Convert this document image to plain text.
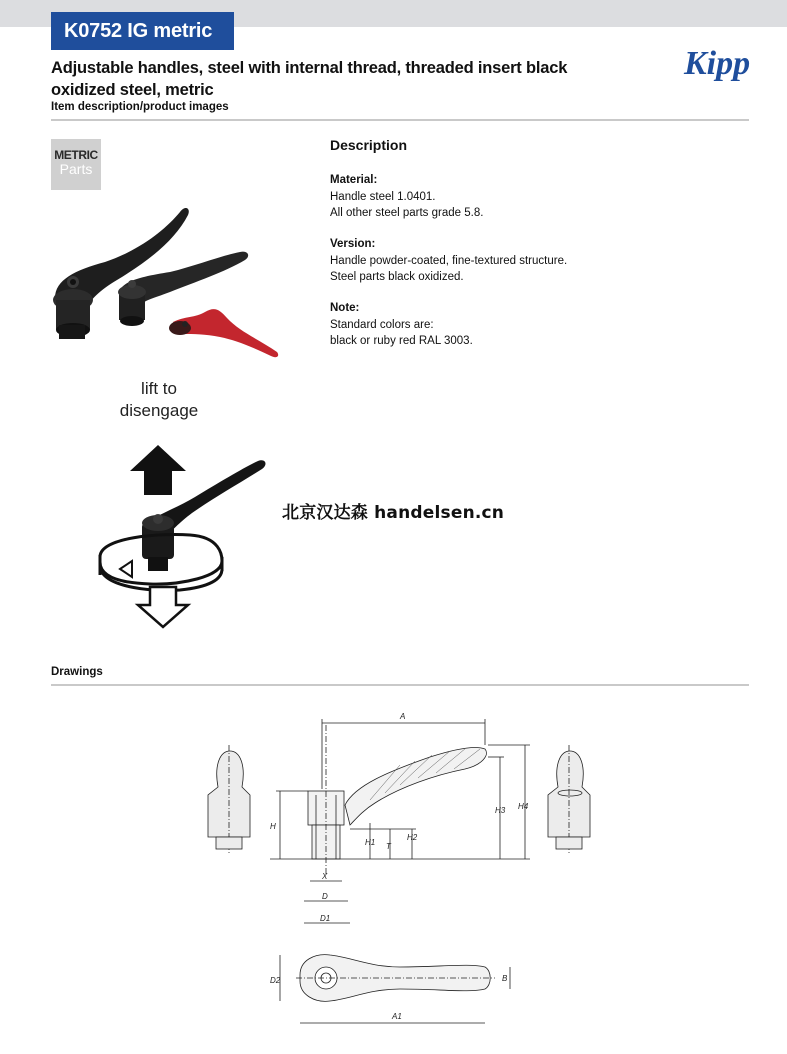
K0752 IG metric
Kipp
Adjustable handles, steel with internal thread, threaded insert black
oxidized steel, metric
Item description/product images
METRIC
Parts
lift to
disengage
Description
Material:
Handle steel 1.0401.
All other steel parts grade 5.8.
Version:
Handle powder-coated, fine-textured structure.
Steel parts black oxidized.
Note:
Standard colors are:
black or ruby red RAL 3003.
北京汉达森 handelsen.cn
Drawings
A
H
H1
H2
H3 H4
T
X
D
D1
D2	B
A1
